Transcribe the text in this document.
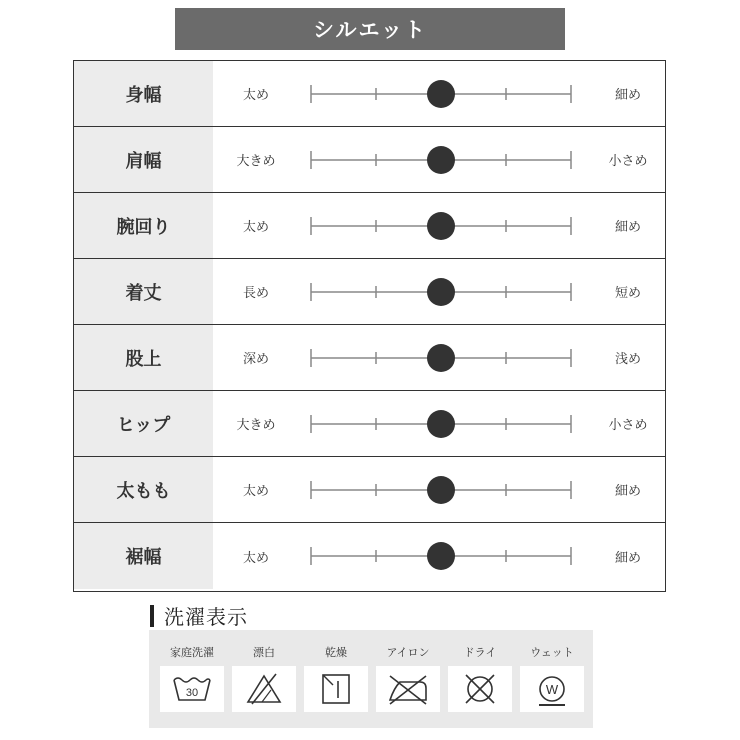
シルエット
身幅	太め	細め
肩幅	大きめ	小さめ
腕回り	太め	細め
着丈	長め	短め
股上	深め	浅め
ヒップ	大きめ	小さめ
太もも	太め	細め
裾幅	太め	細め
洗濯表示
家庭洗濯
30
漂白	乾燥	アイロン	ドライ	ウェット
W
